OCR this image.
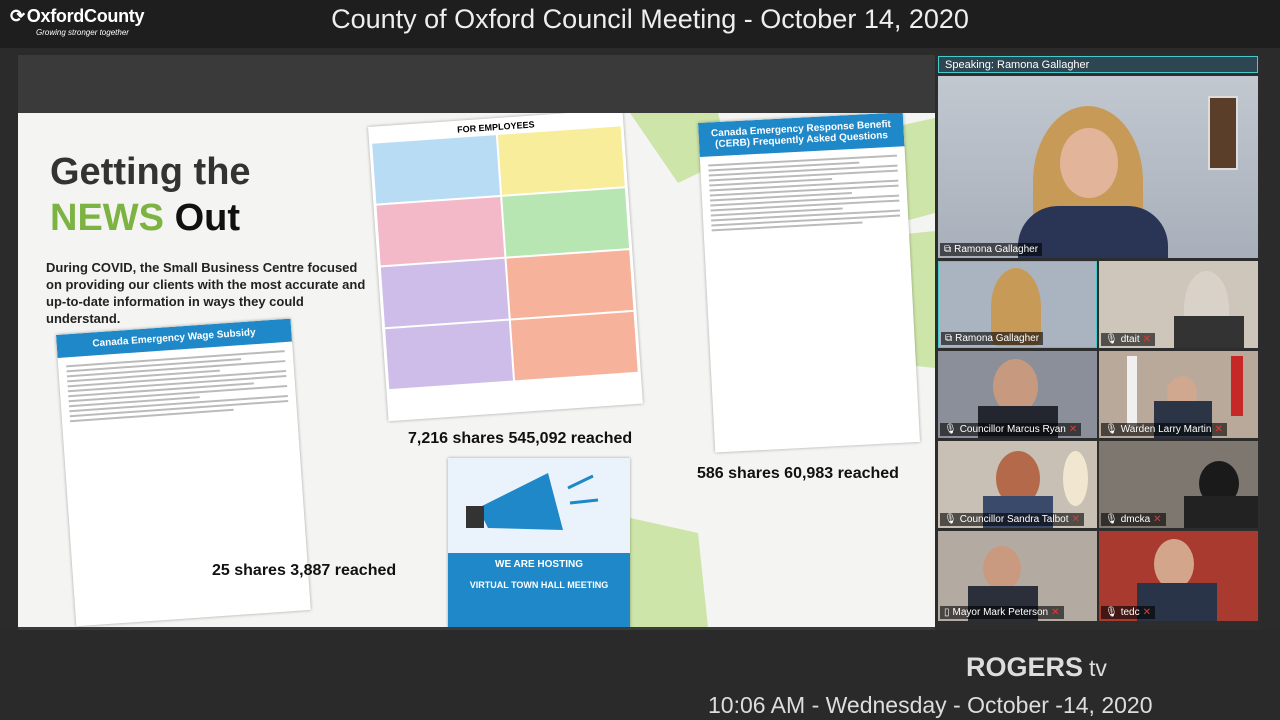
⟳ OxfordCounty
Growing stronger together	County of Oxford Council Meeting - October 14, 2020
Getting the
NEWS Out
During COVID, the Small Business Centre focused on providing our clients with the most accurate and up-to-date information in ways they could understand.
Canada Emergency Wage Subsidy
FOR EMPLOYEES	Canada Emergency Response Benefit (CERB) Frequently Asked Questions
WE ARE HOSTING
VIRTUAL TOWN HALL MEETING
25 shares 3,887 reached
7,216 shares 545,092 reached
586 shares 60,983 reached
Speaking: Ramona Gallagher
⧉ Ramona Gallagher
⧉ Ramona Gallagher	🎙 dtait ✕
🎙 Councillor Marcus Ryan ✕	🎙 Warden Larry Martin ✕
🎙 Councillor Sandra Talbot ✕	🎙 dmcka ✕
▯ Mayor Mark Peterson ✕	🎙 tedc ✕
ROGERS tv
10:06 AM - Wednesday - October -14, 2020
